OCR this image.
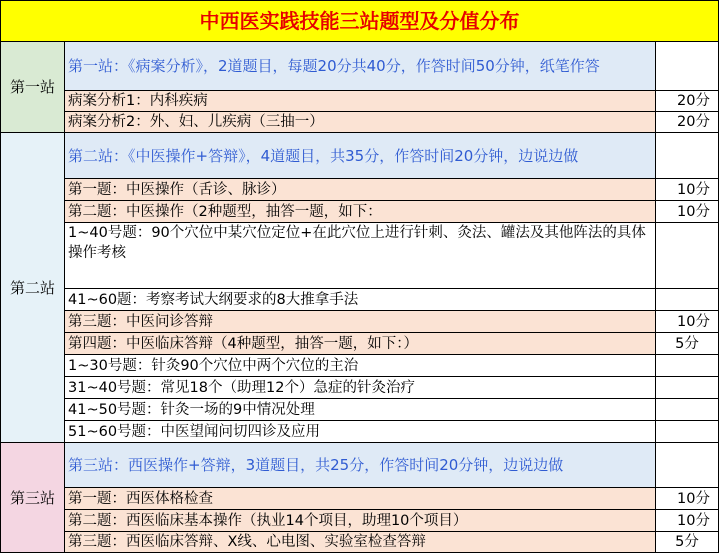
中西医实践技能三站题型及分值分布		
第一站	第一站：《病案分析》，2道题目，每题20分共40分，作答时间50分钟，纸笔作答	
	病案分析1：内科疾病	20分
	病案分析2：外、妇、儿疾病（三抽一）	20分
第二站	第二站：《中医操作+答辩》，4道题目，共35分，作答时间20分钟，边说边做	
	第一题：中医操作（舌诊、脉诊）	10分
	第二题：中医操作（2种题型，抽答一题，如下：	10分
	1~40号题：90个穴位中某穴位定位+在此穴位上进行针刺、灸法、罐法及其他阵法的具体操作考核	
	41~60题：考察考试大纲要求的8大推拿手法	
	第三题：中医问诊答辩	10分
	第四题：中医临床答辩（4种题型，抽答一题，如下：）	5分
	1~30号题：针灸90个穴位中两个穴位的主治	
	31~40号题：常见18个（助理12个）急症的针灸治疗	
	41~50号题：针灸一场的9中情况处理	
	51~60号题：中医望闻问切四诊及应用	
第三站	第三站：西医操作+答辩，3道题目，共25分，作答时间20分钟，边说边做	
	第一题：西医体格检查	10分
	第二题：西医临床基本操作（执业14个项目，助理10个项目）	10分
	第三题：西医临床答辩、X线、心电图、实验室检查答辩	5分
